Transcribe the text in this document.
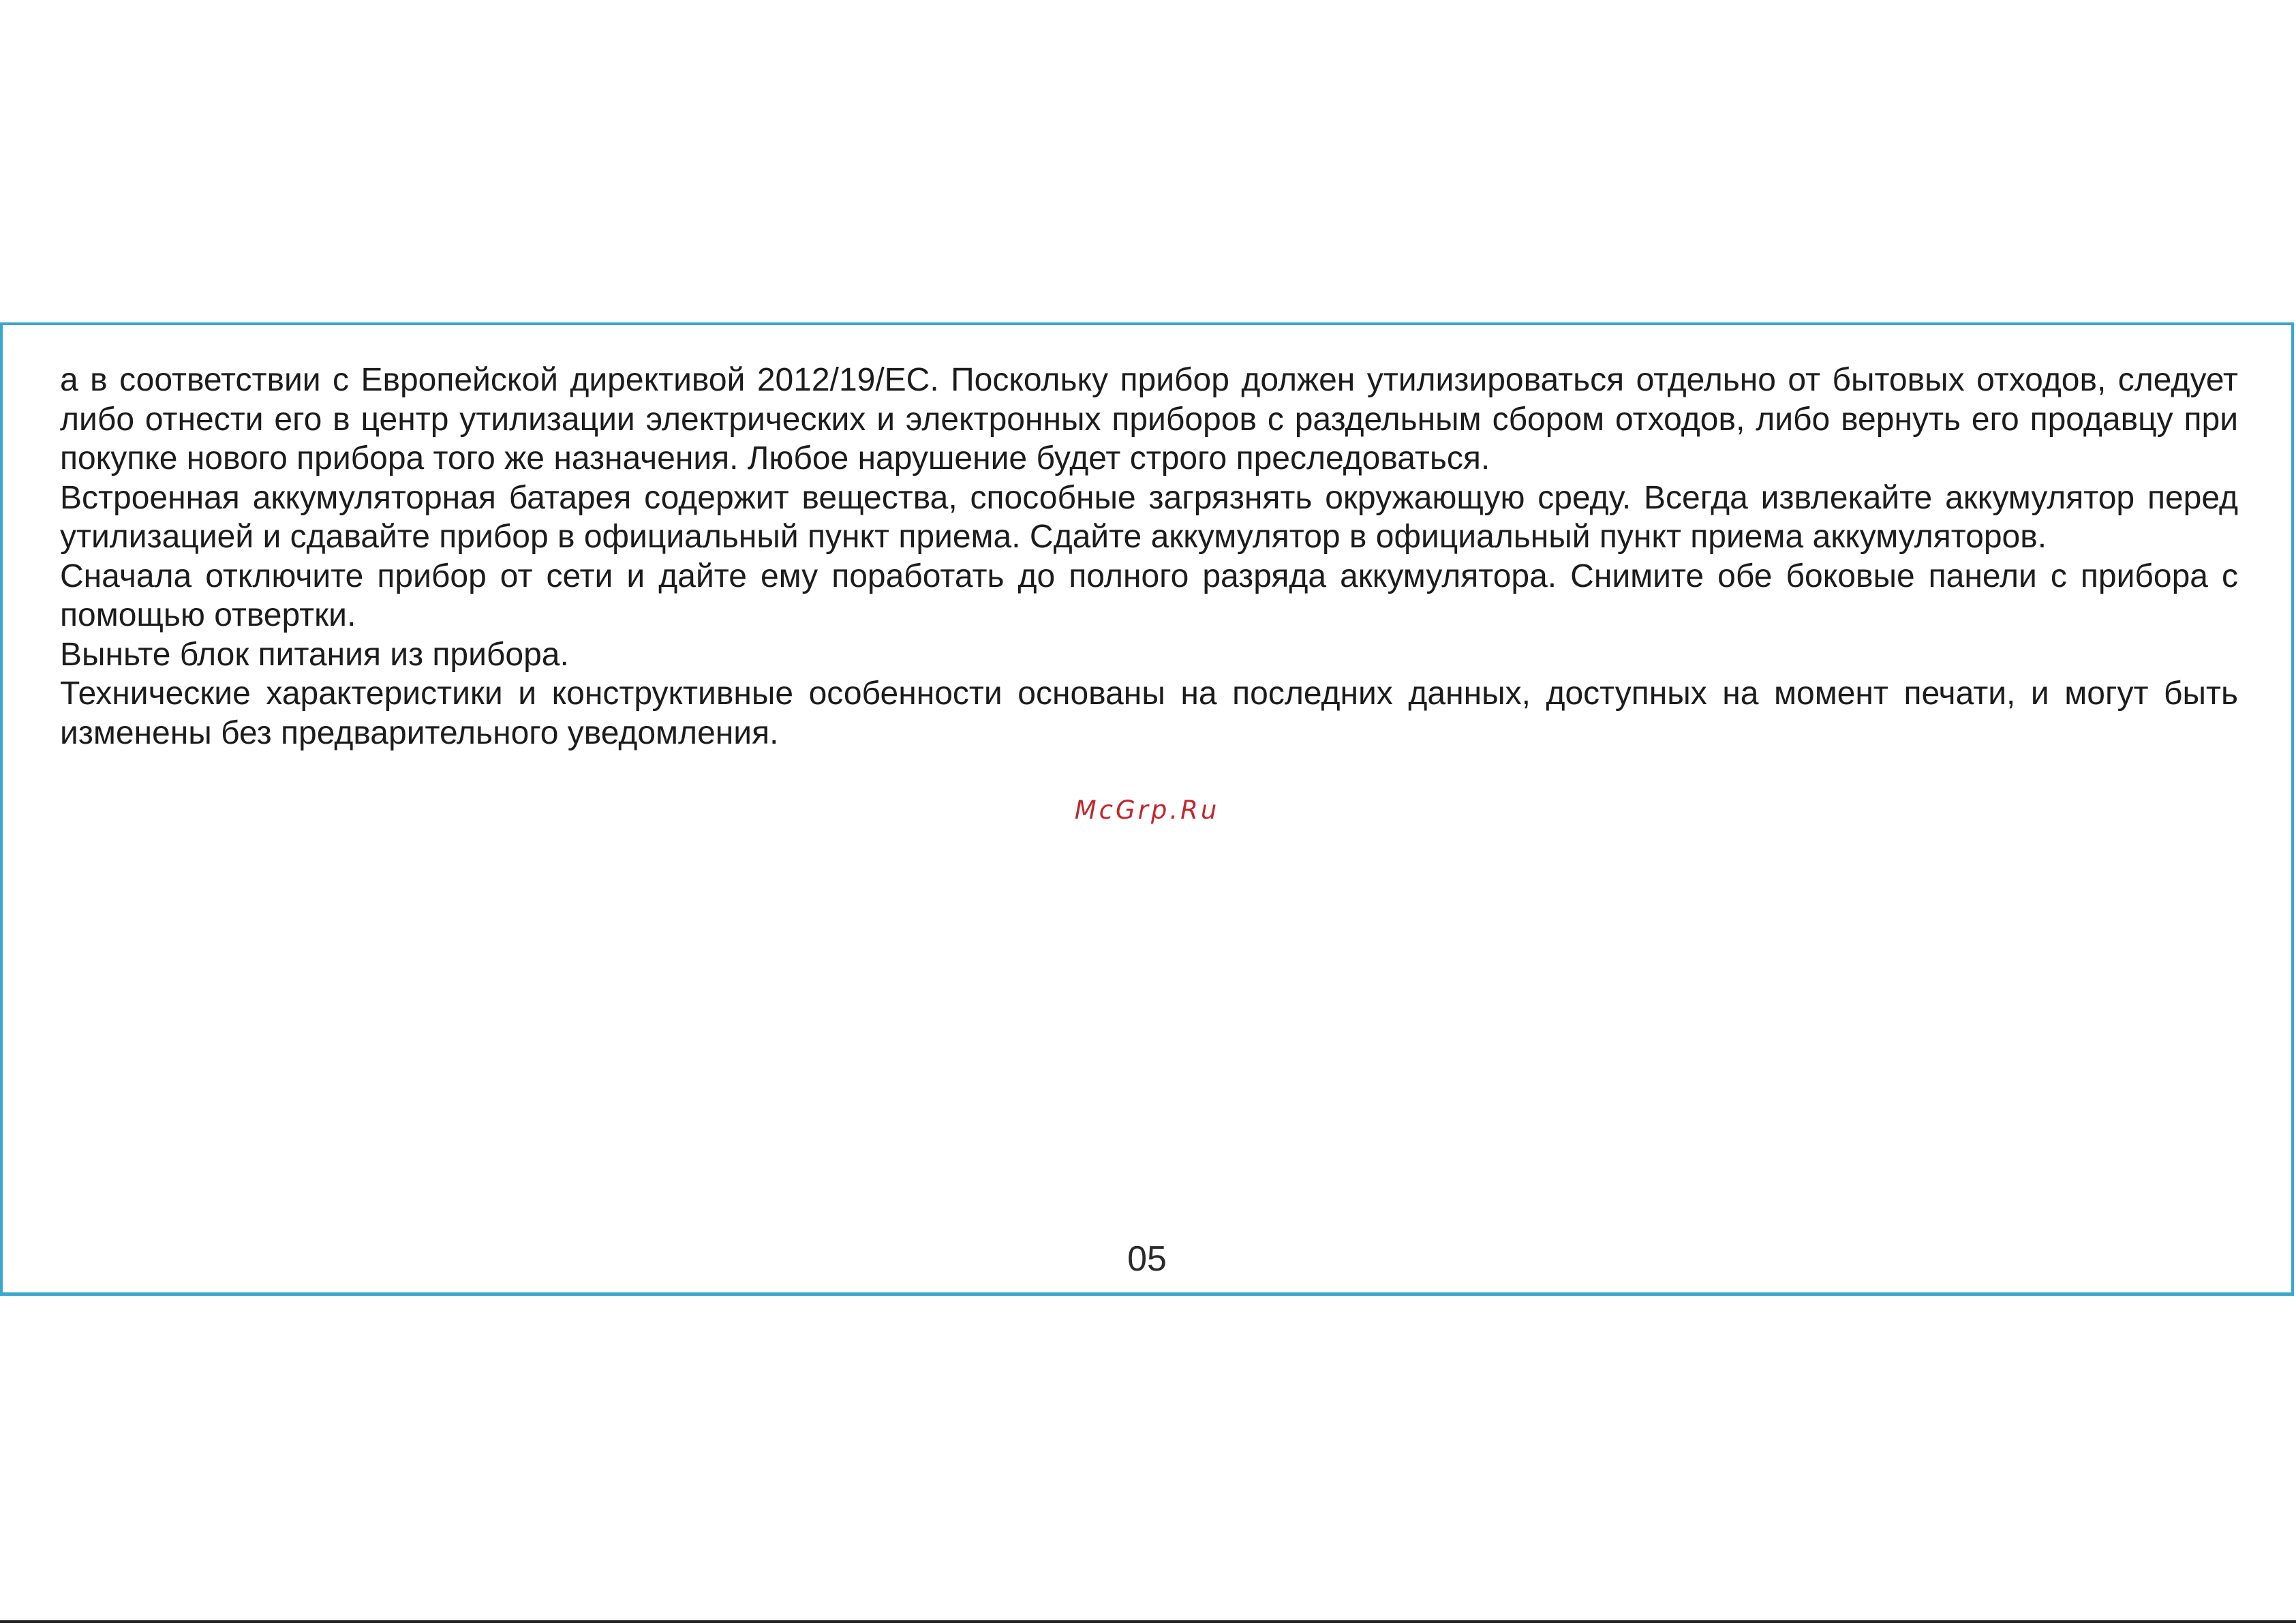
а в соответствии с Европейской директивой 2012/19/ЕС. Поскольку прибор должен утилизироваться отдельно от бытовых отходов, следует либо отнести его в центр утилизации электрических и электронных приборов с раздельным сбором отходов, либо вернуть его продавцу при покупке нового прибора того же назначения. Любое нарушение будет строго преследоваться.

Встроенная аккумуляторная батарея содержит вещества, способные загрязнять окружающую среду. Всегда извлекайте аккумулятор перед утилизацией и сдавайте прибор в официальный пункт приема. Сдайте аккумулятор в официальный пункт приема аккумуляторов.

Сначала отключите прибор от сети и дайте ему поработать до полного разряда аккумулятора. Снимите обе боковые панели с прибора с помощью отвертки.

Выньте блок питания из прибора.

Технические характеристики и конструктивные особенности основаны на последних данных, доступных на момент печати, и могут быть изменены без предварительного уведомления.

McGrp.Ru
05
